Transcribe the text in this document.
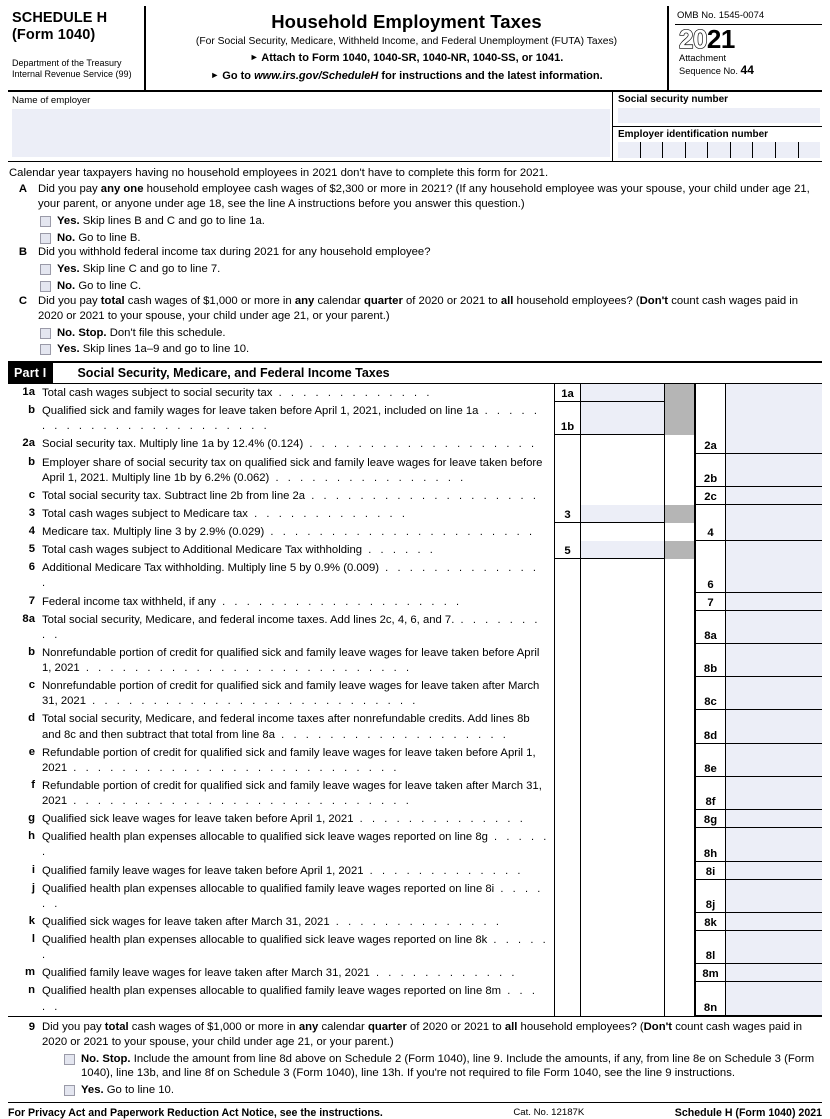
SCHEDULE H
(Form 1040)
Department of the Treasury
Internal Revenue Service (99)
Household Employment Taxes
(For Social Security, Medicare, Withheld Income, and Federal Unemployment (FUTA) Taxes)
► Attach to Form 1040, 1040-SR, 1040-NR, 1040-SS, or 1041.
► Go to www.irs.gov/ScheduleH for instructions and the latest information.
OMB No. 1545-0074
2021
Attachment
Sequence No. 44
Name of employer	Social security number
Employer identification number
Calendar year taxpayers having no household employees in 2021 don't have to complete this form for 2021.
A Did you pay any one household employee cash wages of $2,300 or more in 2021? (If any household employee was your spouse, your child under age 21, your parent, or anyone under age 18, see the line A instructions before you answer this question.)
Yes. Skip lines B and C and go to line 1a.
No. Go to line B.
B Did you withhold federal income tax during 2021 for any household employee?
Yes. Skip line C and go to line 7.
No. Go to line C.
C Did you pay total cash wages of $1,000 or more in any calendar quarter of 2020 or 2021 to all household employees? (Don't count cash wages paid in 2020 or 2021 to your spouse, your child under age 21, or your parent.)
No. Stop. Don't file this schedule.
Yes. Skip lines 1a–9 and go to line 10.
Part I	Social Security, Medicare, and Federal Income Taxes
1a Total cash wages subject to social security tax . . . . . . . . . . . . .	1a
b Qualified sick and family wages for leave taken before April 1, 2021, included on line 1a . . . . . . . . . . . . . . . . . . . . . . . .	1b
2a Social security tax. Multiply line 1a by 12.4% (0.124) . . . . . . . . . . . . . . . . . . .	2a
b Employer share of social security tax on qualified sick and family leave wages for leave taken before April 1, 2021. Multiply line 1b by 6.2% (0.062) . . . . . . . . . . . . . . . .	2b
c Total social security tax. Subtract line 2b from line 2a . . . . . . . . . . . . . . . . . . .	2c
3 Total cash wages subject to Medicare tax . . . . . . . . . . . . .	3
4 Medicare tax. Multiply line 3 by 2.9% (0.029) . . . . . . . . . . . . . . . . . . . . . .	4
5 Total cash wages subject to Additional Medicare Tax withholding . . . . . .	5
6 Additional Medicare Tax withholding. Multiply line 5 by 0.9% (0.009) . . . . . . . . . . . . . .	6
7 Federal income tax withheld, if any . . . . . . . . . . . . . . . . . . . .	7
8a Total social security, Medicare, and federal income taxes. Add lines 2c, 4, 6, and 7. . . . . . . . . .	8a
b Nonrefundable portion of credit for qualified sick and family leave wages for leave taken before April 1, 2021 . . . . . . . . . . . . . . . . . . . . . . . . . . .	8b
c Nonrefundable portion of credit for qualified sick and family leave wages for leave taken after March 31, 2021 . . . . . . . . . . . . . . . . . . . . . . . . . . .	8c
d Total social security, Medicare, and federal income taxes after nonrefundable credits. Add lines 8b and 8c and then subtract that total from line 8a . . . . . . . . . . . . . . . . . . .	8d
e Refundable portion of credit for qualified sick and family leave wages for leave taken before April 1, 2021 . . . . . . . . . . . . . . . . . . . . . . . . . . .	8e
f Refundable portion of credit for qualified sick and family leave wages for leave taken after March 31, 2021 . . . . . . . . . . . . . . . . . . . . . . . . . . . .	8f
g Qualified sick leave wages for leave taken before April 1, 2021 . . . . . . . . . . . . . .	8g
h Qualified health plan expenses allocable to qualified sick leave wages reported on line 8g . . . . . .	8h
i Qualified family leave wages for leave taken before April 1, 2021 . . . . . . . . . . . . .	8i
j Qualified health plan expenses allocable to qualified family leave wages reported on line 8i . . . . . .	8j
k Qualified sick wages for leave taken after March 31, 2021 . . . . . . . . . . . . . .	8k
l Qualified health plan expenses allocable to qualified sick leave wages reported on line 8k . . . . . .	8l
m Qualified family leave wages for leave taken after March 31, 2021 . . . . . . . . . . . .	8m
n Qualified health plan expenses allocable to qualified family leave wages reported on line 8m . . . . .	8n
9 Did you pay total cash wages of $1,000 or more in any calendar quarter of 2020 or 2021 to all household employees? (Don't count cash wages paid in 2020 or 2021 to your spouse, your child under age 21, or your parent.)
No. Stop. Include the amount from line 8d above on Schedule 2 (Form 1040), line 9. Include the amounts, if any, from line 8e on Schedule 3 (Form 1040), line 13b, and line 8f on Schedule 3 (Form 1040), line 13h. If you're not required to file Form 1040, see the line 9 instructions.
Yes. Go to line 10.
For Privacy Act and Paperwork Reduction Act Notice, see the instructions.	Cat. No. 12187K	Schedule H (Form 1040) 2021
